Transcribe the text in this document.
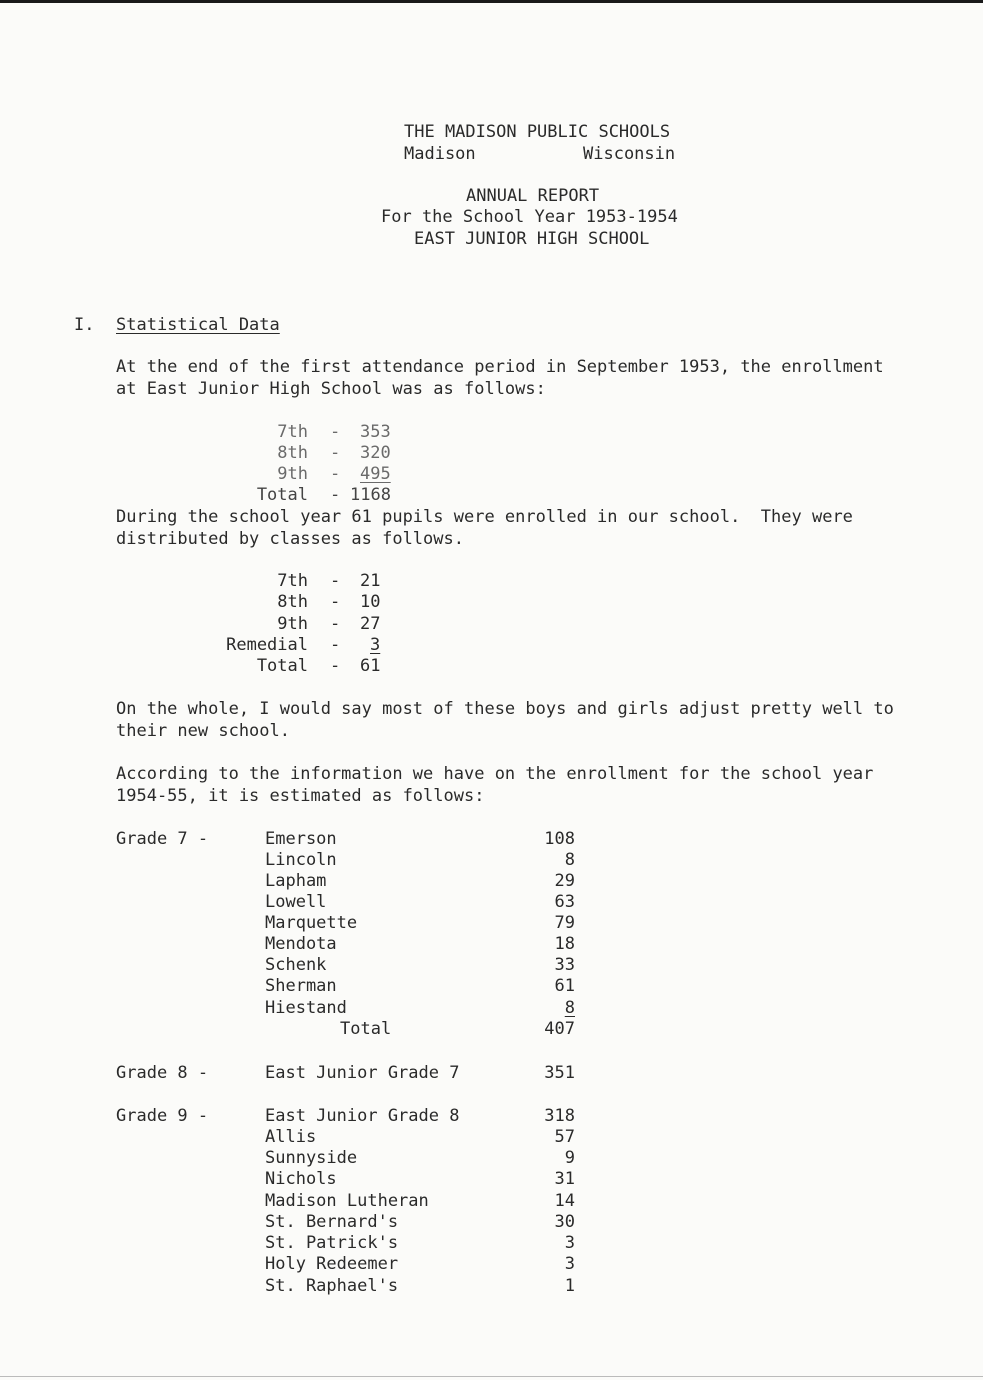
THE MADISON PUBLIC SCHOOLS
Madison	Wisconsin
ANNUAL REPORT
For the School Year 1953-1954
EAST JUNIOR HIGH SCHOOL
I. Statistical Data
At the end of the first attendance period in September 1953, the enrollment
at East Junior High School was as follows:
7th - 353
8th - 320
9th - 495
Total - 1168
During the school year 61 pupils were enrolled in our school.  They were
distributed by classes as follows.
7th - 21
8th - 10
9th - 27
Remedial - 3
Total - 61
On the whole, I would say most of these boys and girls adjust pretty well to
their new school.
According to the information we have on the enrollment for the school year
1954-55, it is estimated as follows:
Grade 7 -	Emerson	108
Lincoln	8
Lapham	29
Lowell	63
Marquette	79
Mendota	18
Schenk	33
Sherman	61
Hiestand	8
Total	407
Grade 8 -	East Junior Grade 7	351
Grade 9 -	East Junior Grade 8	318
Allis	57
Sunnyside	9
Nichols	31
Madison Lutheran	14
St. Bernard's	30
St. Patrick's	3
Holy Redeemer	3
St. Raphael's	1
